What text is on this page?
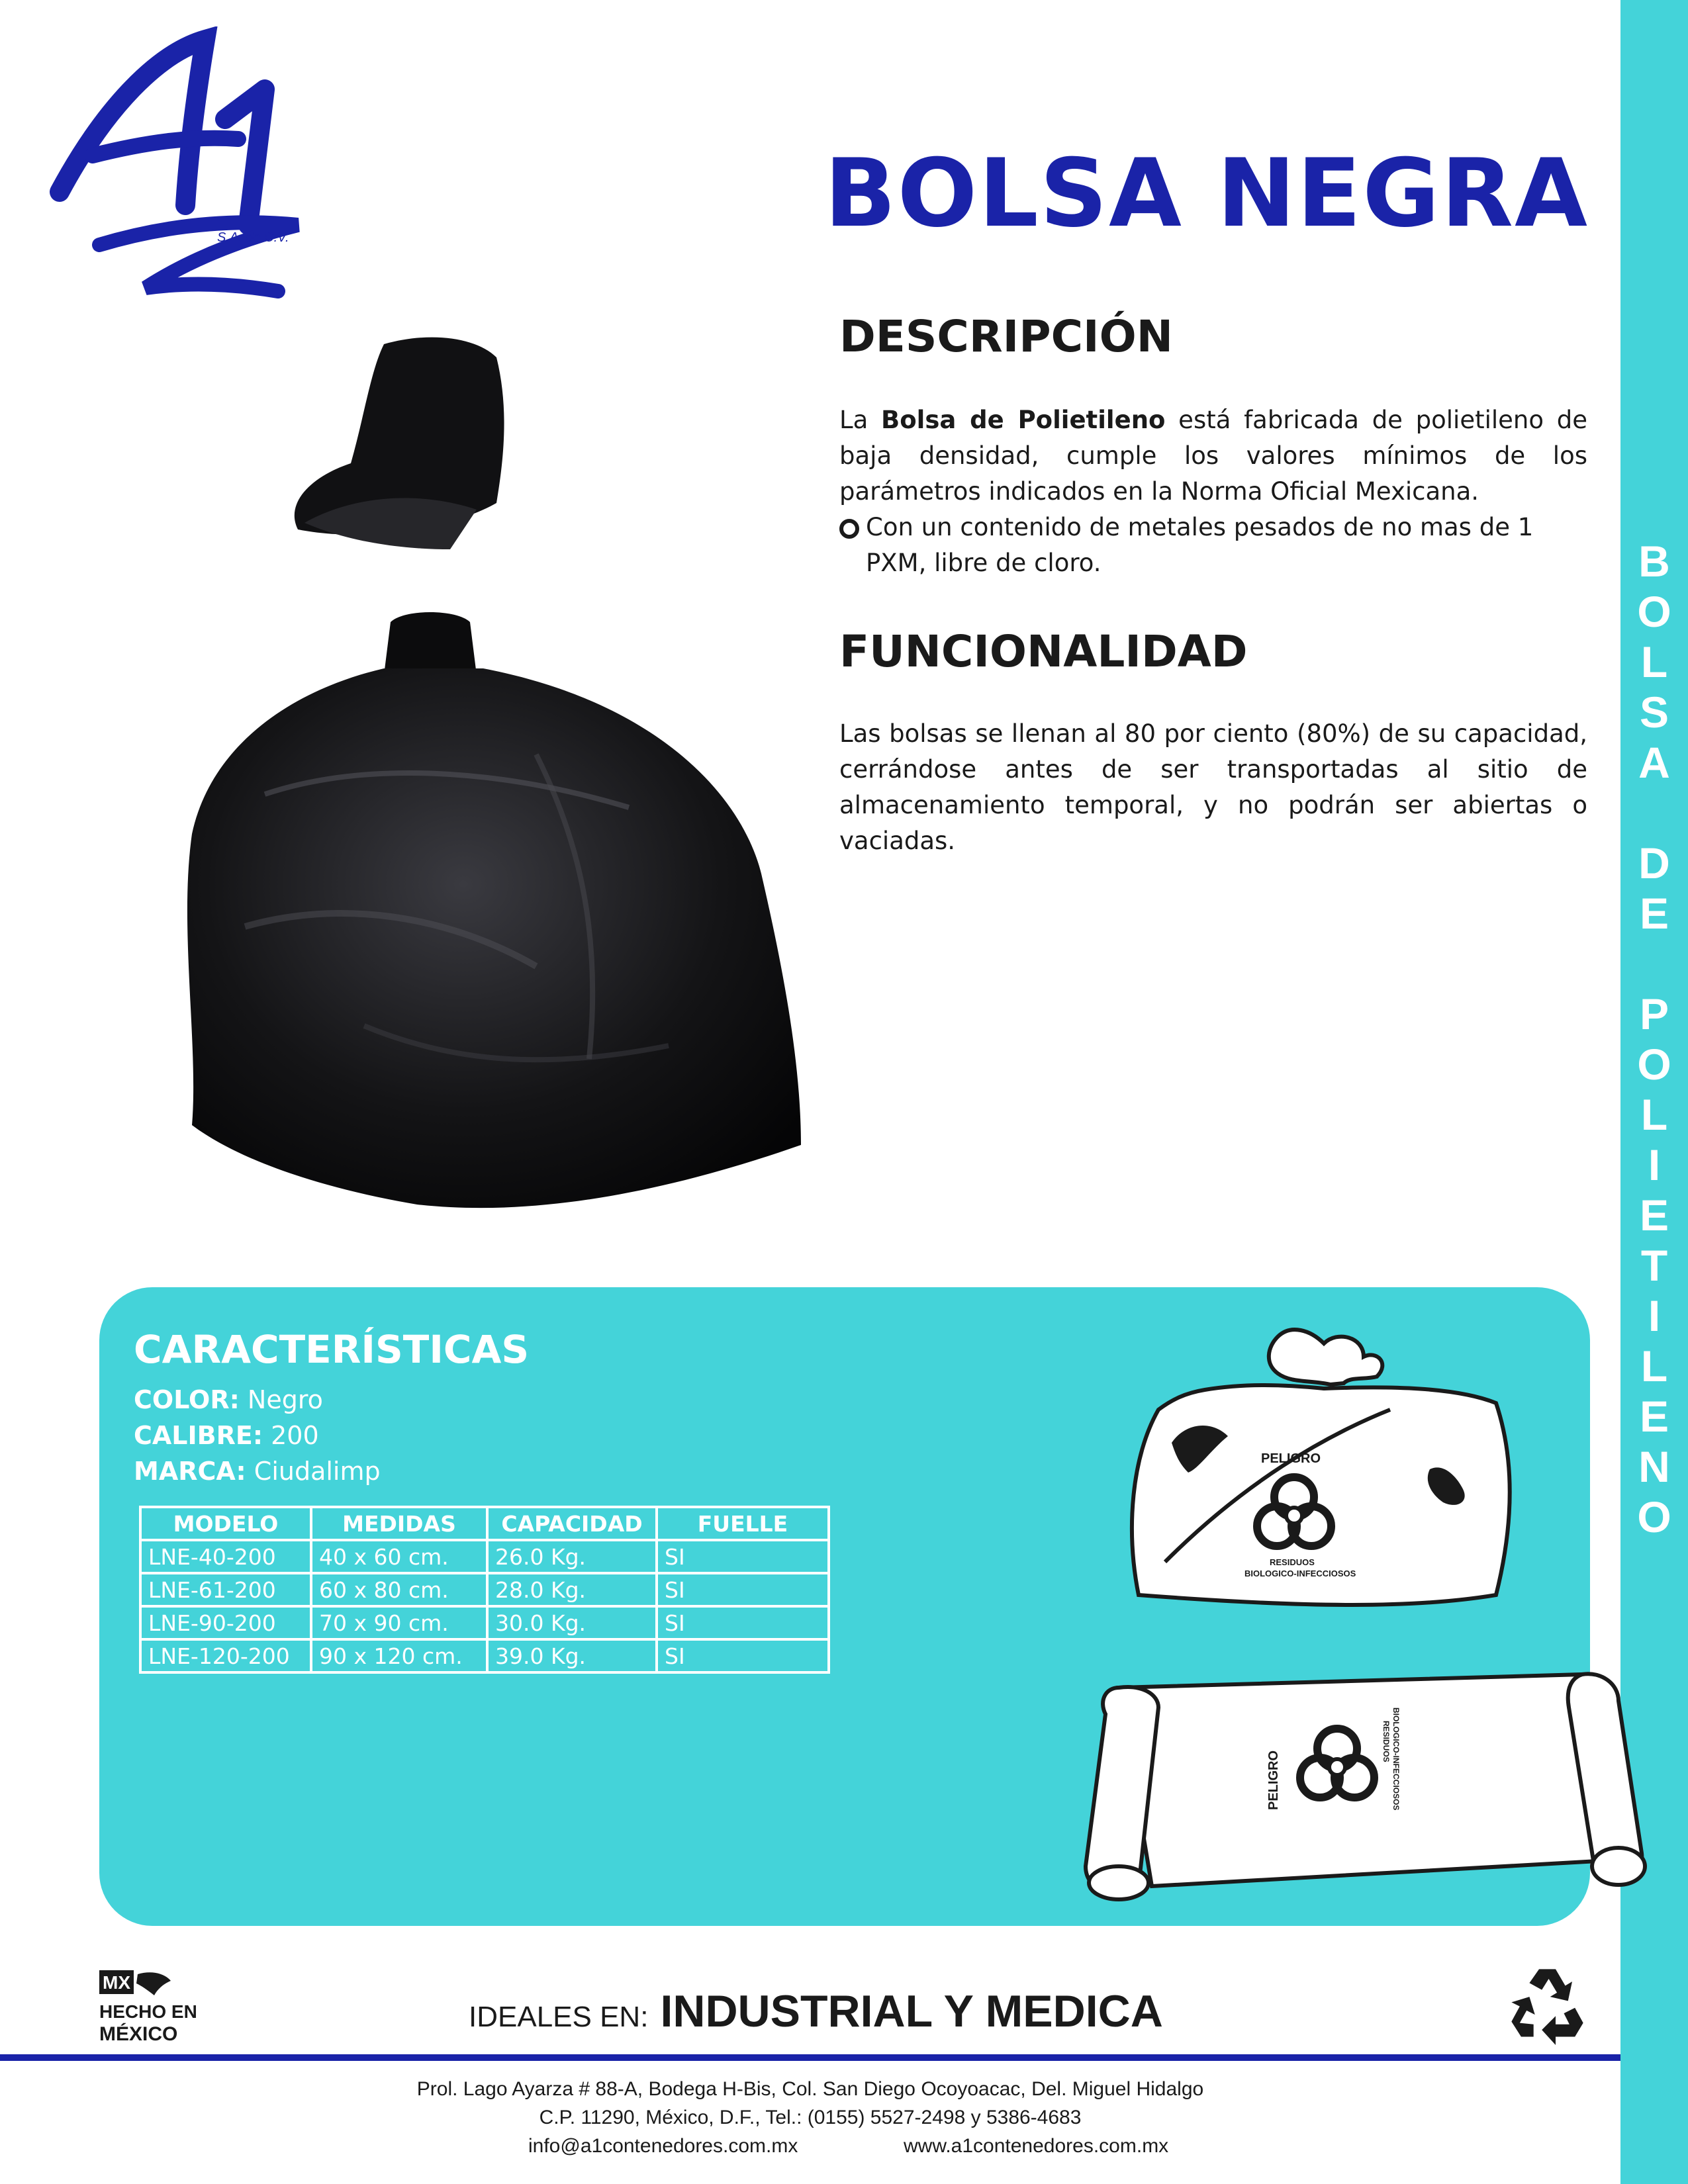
B
O
L
S
A
D
E
P
O
L
I
E
T
I
L
E
N
O
S.A. de C.V.	BOLSA NEGRA
DESCRIPCIÓN

La Bolsa de Polietileno está fabricada de polietileno de baja densidad, cumple los valores mínimos de los parámetros indicados en la Norma Oficial Mexicana.

Con un contenido de metales pesados de no mas de 1 PXM, libre de cloro.
FUNCIONALIDAD

Las bolsas se llenan al 80 por ciento (80%) de su capacidad, cerrándose antes de ser transportadas al sitio de almacenamiento temporal, y no podrán ser abiertas o vaciadas.

CARACTERÍSTICAS
COLOR: Negro
CALIBRE: 200
MARCA: Ciudalimp
MODELO	MEDIDAS	CAPACIDAD	FUELLE
LNE-40-200	40 x 60 cm.	26.0 Kg.	SI
LNE-61-200	60 x 80 cm.	28.0 Kg.	SI
LNE-90-200	70 x 90 cm.	30.0 Kg.	SI
LNE-120-200	90 x 120 cm.	39.0 Kg.	SI
PELIGRO
RESIDUOS
BIOLOGICO-INFECCIOSOS
PELIGRO
RESIDUOS BIOLOGICO-INFECCIOSOS
MX
HECHO EN
MÉXICO
IDEALES EN: INDUSTRIAL Y MEDICA

Prol. Lago Ayarza # 88-A, Bodega H-Bis, Col. San Diego Ocoyoacac, Del. Miguel Hidalgo

C.P. 11290, México, D.F., Tel.: (0155) 5527-2498 y 5386-4683

info@a1contenedores.com.mx	www.a1contenedores.com.mx
